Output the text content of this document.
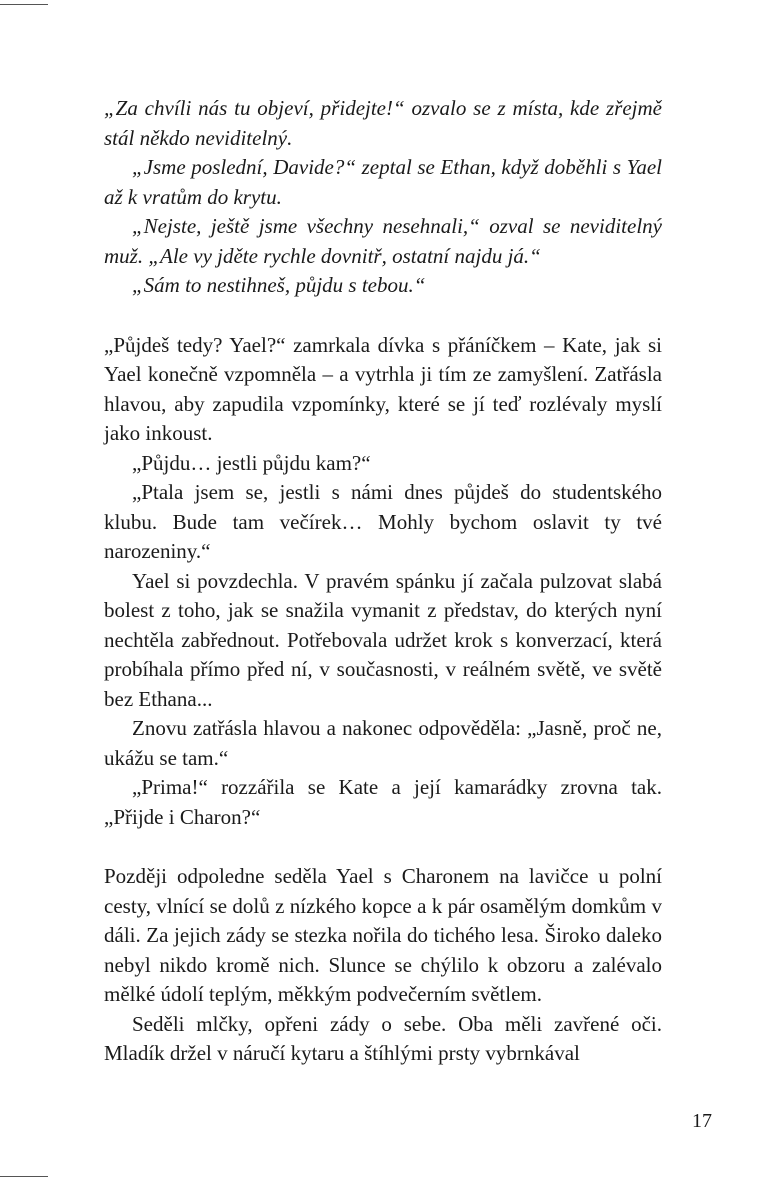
„Za chvíli nás tu objeví, přidejte!“ ozvalo se z místa, kde zřejmě stál někdo neviditelný.

„Jsme poslední, Davide?“ zeptal se Ethan, když doběhli s Yael až k vratům do krytu.

„Nejste, ještě jsme všechny nesehnali,“ ozval se neviditelný muž. „Ale vy jděte rychle dovnitř, ostatní najdu já.“

„Sám to nestihneš, půjdu s tebou.“

„Půjdeš tedy? Yael?“ zamrkala dívka s přáníčkem – Kate, jak si Yael konečně vzpomněla – a vytrhla ji tím ze zamyšlení. Zatřásla hlavou, aby zapudila vzpomínky, které se jí teď rozlévaly myslí jako inkoust.

„Půjdu… jestli půjdu kam?“

„Ptala jsem se, jestli s námi dnes půjdeš do studentského klubu. Bude tam večírek… Mohly bychom oslavit ty tvé narozeniny.“

Yael si povzdechla. V pravém spánku jí začala pulzovat slabá bolest z toho, jak se snažila vymanit z představ, do kterých nyní nechtěla zabřednout. Potřebovala udržet krok s konverzací, která probíhala přímo před ní, v současnosti, v reálném světě, ve světě bez Ethana...

Znovu zatřásla hlavou a nakonec odpověděla: „Jasně, proč ne, ukážu se tam.“

„Prima!“ rozzářila se Kate a její kamarádky zrovna tak. „Přijde i Charon?“

Později odpoledne seděla Yael s Charonem na lavičce u polní cesty, vlnící se dolů z nízkého kopce a k pár osamělým domkům v dáli. Za jejich zády se stezka nořila do tichého lesa. Široko daleko nebyl nikdo kromě nich. Slunce se chýlilo k obzoru a zalévalo mělké údolí teplým, měkkým podvečerním světlem.

Seděli mlčky, opřeni zády o sebe. Oba měli zavřené oči. Mladík držel v náručí kytaru a štíhlými prsty vybrnkával

17
